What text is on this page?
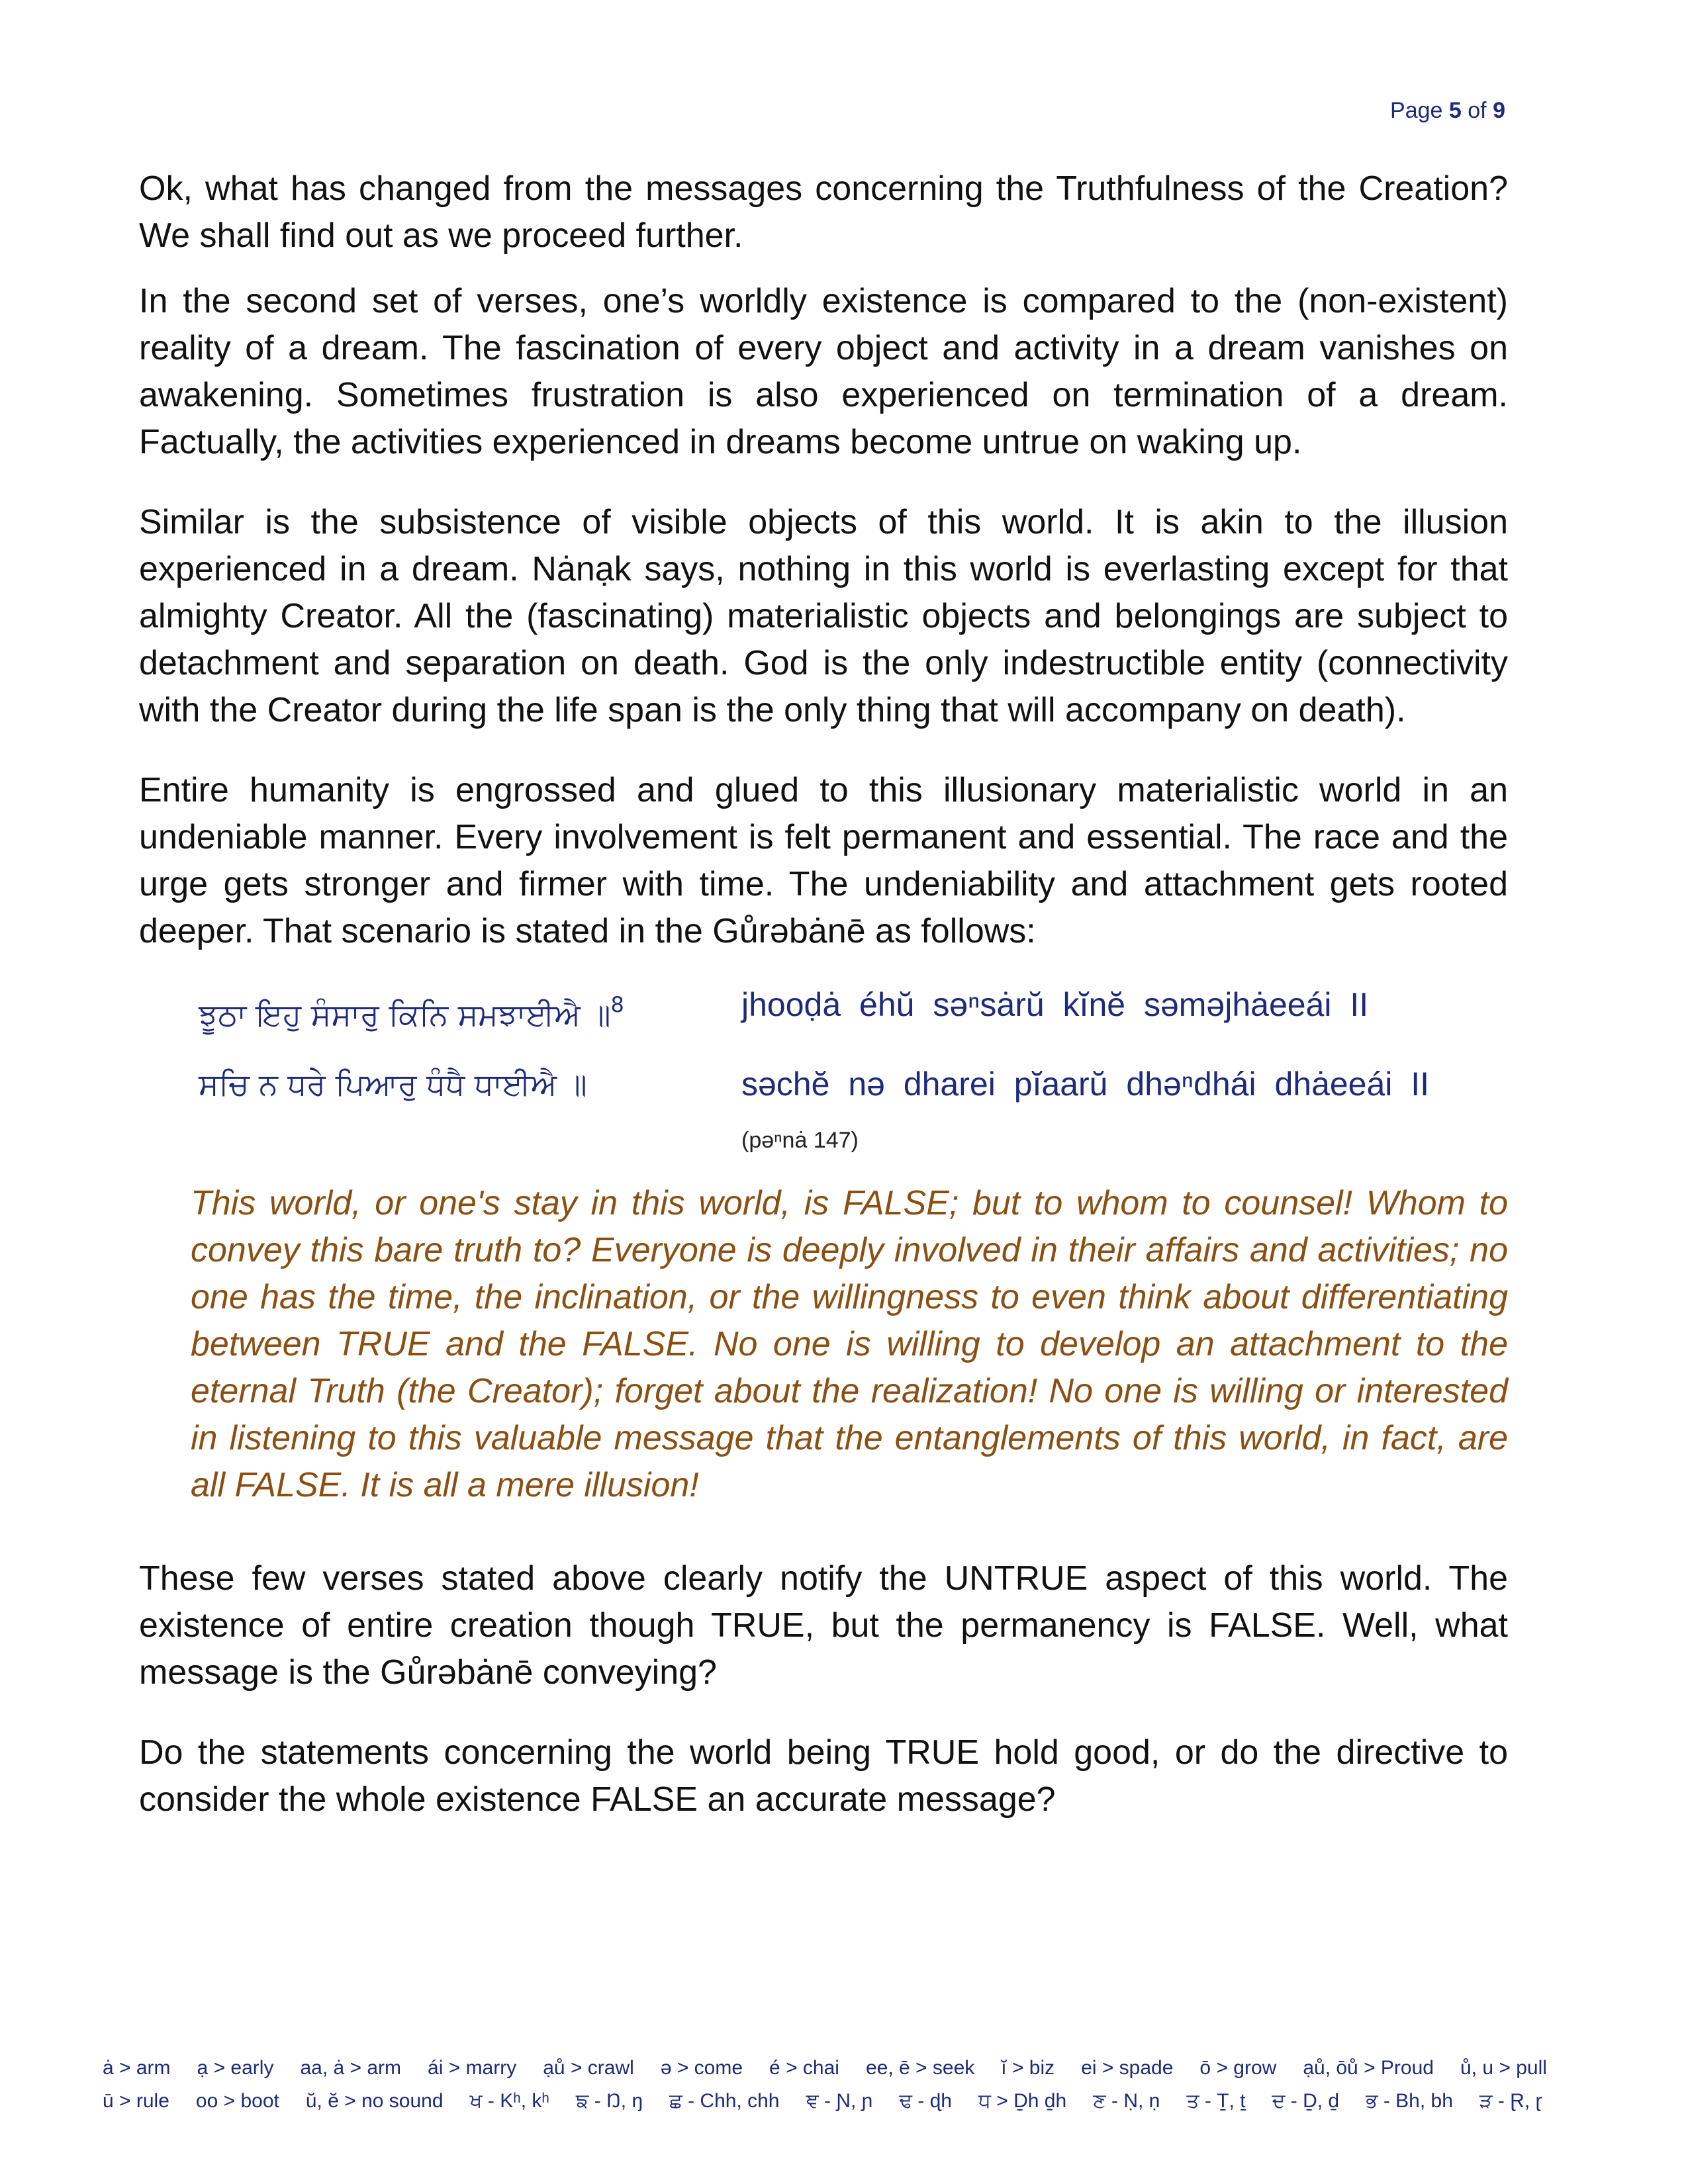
Page 5 of 9

Ok, what has changed from the messages concerning the Truthfulness of the Creation? We shall find out as we proceed further.

In the second set of verses, one’s worldly existence is compared to the (non-existent) reality of a dream. The fascination of every object and activity in a dream vanishes on awakening. Sometimes frustration is also experienced on termination of a dream. Factually, the activities experienced in dreams become untrue on waking up.

Similar is the subsistence of visible objects of this world. It is akin to the illusion experienced in a dream. Nȧnạk says, nothing in this world is everlasting except for that almighty Creator. All the (fascinating) materialistic objects and belongings are subject to detachment and separation on death. God is the only indestructible entity (connectivity with the Creator during the life span is the only thing that will accompany on death).

Entire humanity is engrossed and glued to this illusionary materialistic world in an undeniable manner. Every involvement is felt permanent and essential. The race and the urge gets stronger and firmer with time. The undeniability and attachment gets rooted deeper. That scenario is stated in the Gůrəbȧnē as follows:

ਝੂਠਾ ਇਹੁ ਸੰਸਾਰੁ ਕਿਨਿ ਸਮਝਾਈਐ ॥$^8$	jhooḍȧ éhŭ səⁿsȧrŭ kĭnĕ səməjhȧeeái II
ਸਚਿ ਨ ਧਰੇ ਪਿਆਰੁ ਧੰਧੈ ਧਾਈਐ ॥	səchĕ nə dharei pĭaarŭ dhəⁿdhái dhȧeeái II
(pəⁿnȧ 147)
This world, or one's stay in this world, is FALSE; but to whom to counsel! Whom to convey this bare truth to? Everyone is deeply involved in their affairs and activities; no one has the time, the inclination, or the willingness to even think about differentiating between TRUE and the FALSE. No one is willing to develop an attachment to the eternal Truth (the Creator); forget about the realization! No one is willing or interested in listening to this valuable message that the entanglements of this world, in fact, are all FALSE. It is all a mere illusion!

These few verses stated above clearly notify the UNTRUE aspect of this world. The existence of entire creation though TRUE, but the permanency is FALSE. Well, what message is the Gůrəbȧnē conveying?

Do the statements concerning the world being TRUE hold good, or do the directive to consider the whole existence FALSE an accurate message?

ȧ > arm ạ > early aa, ȧ > arm ái > marry ạů > crawl ə > come é > chai ee, ē > seek ĭ > biz ei > spade ō > grow ạů, ōů > Proud ů, u > pull
ū > rule oo > boot ŭ, ĕ > no sound ਖ - Kʰ, kʰ ਙ - Ŋ, ŋ ਛ - Chh, chh ਞ - Ɲ, ɲ ਢ - ɖh ਧ > Ḏh ḏh ਣ - Ṇ, ṇ ਤ - Ṯ, ṯ ਦ - Ḏ, ḏ ਭ - Bh, bh ੜ - Ɽ, ɽ
